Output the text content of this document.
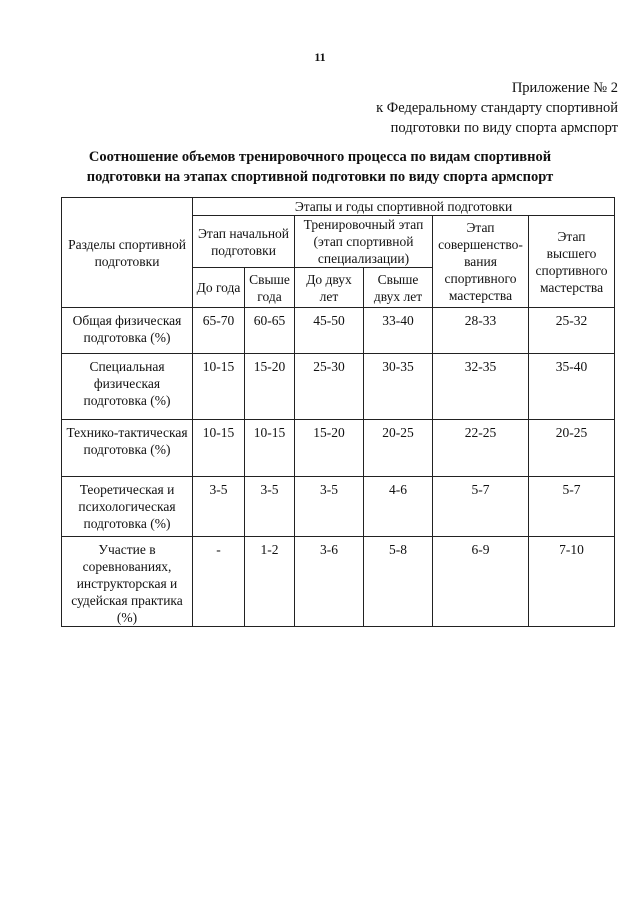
11
Приложение № 2
к Федеральному стандарту спортивной
подготовки по виду спорта армспорт
Соотношение объемов тренировочного процесса по видам спортивной
подготовки на этапах спортивной подготовки по виду спорта армспорт
Разделы спортивной подготовки	Этапы и годы спортивной подготовки					
	Этап начальной подготовки		Тренировочный этап (этап спортивной специализации)		Этап совершенство-вания спортивного мастерства	Этап высшего спортивного мастерства
	До года	Свыше года	До двух лет	Свыше двух лет		
Общая физическая подготовка (%)	65-70	60-65	45-50	33-40	28-33	25-32
Специальная физическая подготовка (%)	10-15	15-20	25-30	30-35	32-35	35-40
Технико-тактическая подготовка (%)	10-15	10-15	15-20	20-25	22-25	20-25
Теоретическая и психологическая подготовка (%)	3-5	3-5	3-5	4-6	5-7	5-7
Участие в соревнованиях, инструкторская и судейская практика (%)	-	1-2	3-6	5-8	6-9	7-10
